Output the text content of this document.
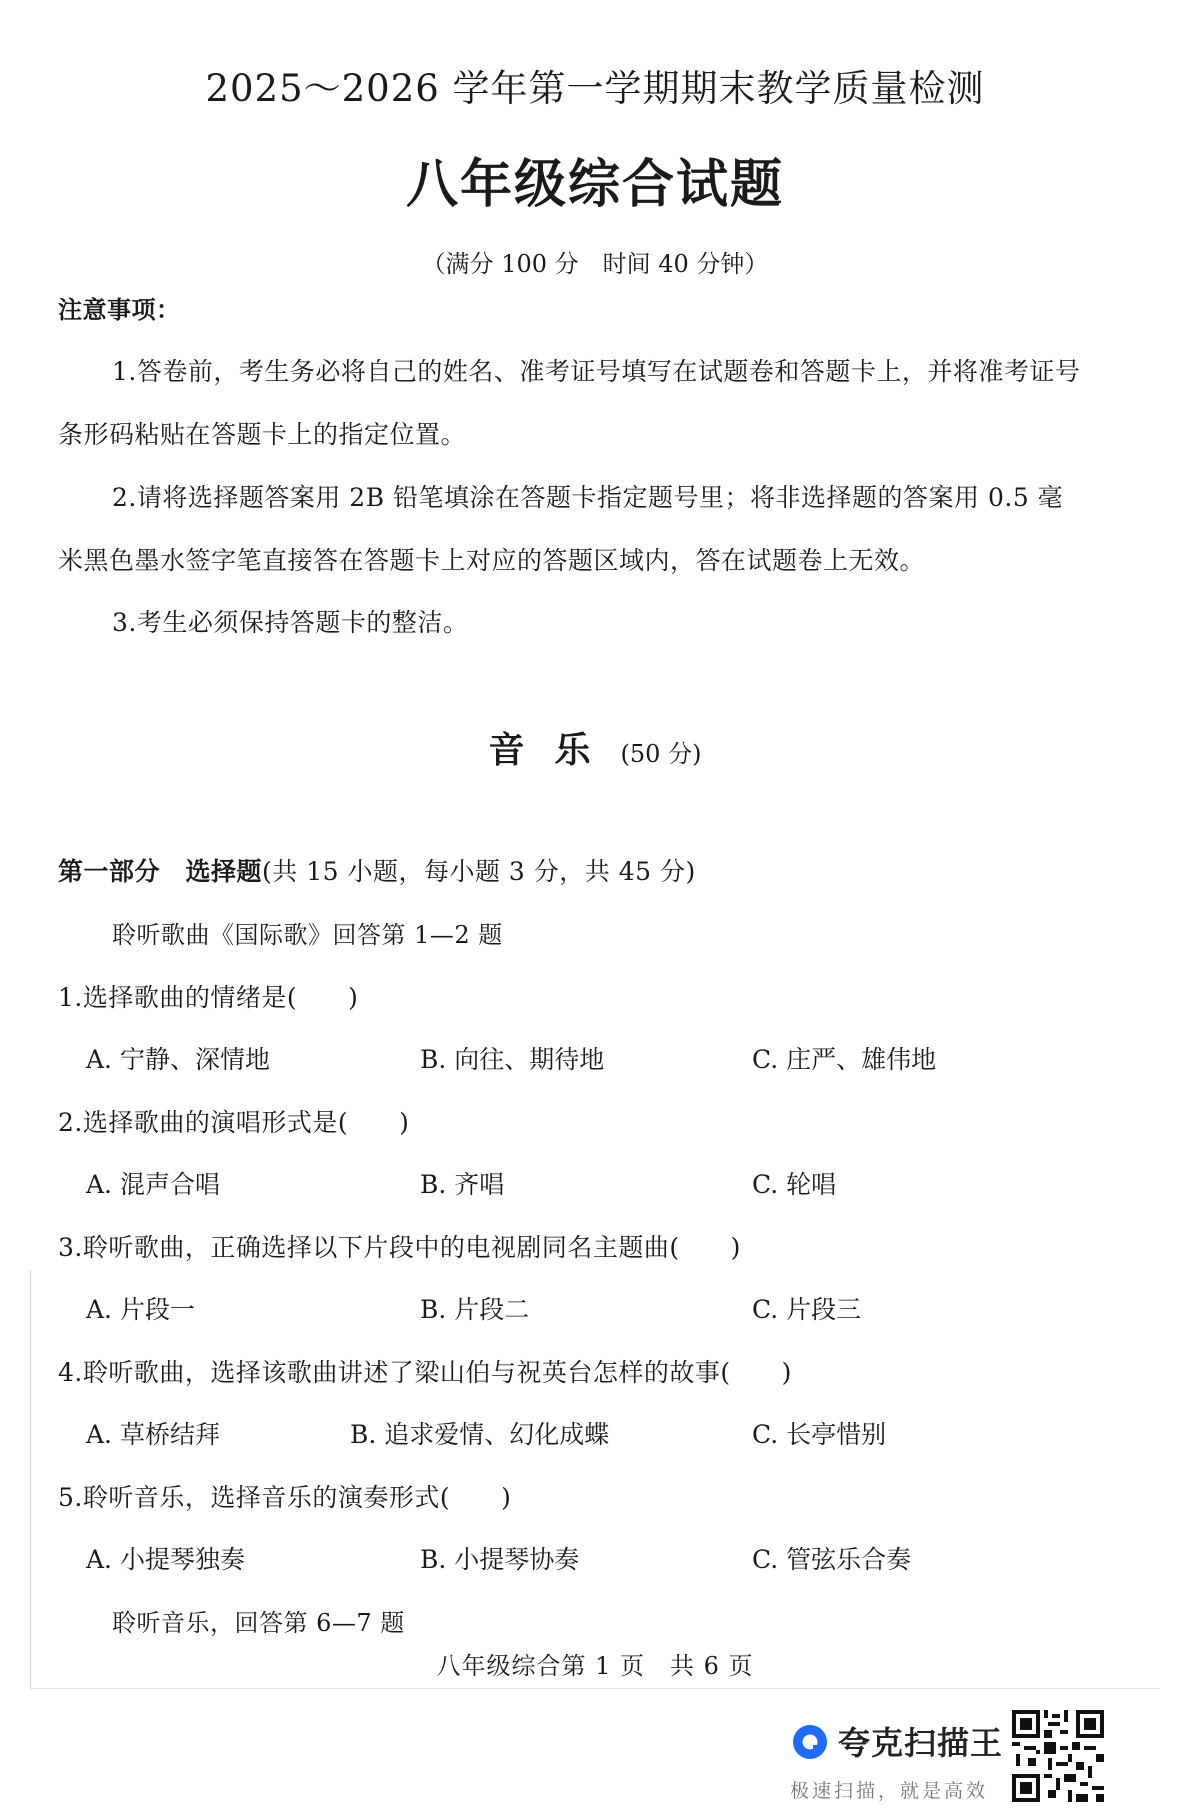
2025～2026 学年第一学期期末教学质量检测
八年级综合试题
（满分 100 分　时间 40 分钟）
注意事项：
1.答卷前，考生务必将自己的姓名、准考证号填写在试题卷和答题卡上，并将准考证号
条形码粘贴在答题卡上的指定位置。
2.请将选择题答案用 2B 铅笔填涂在答题卡指定题号里；将非选择题的答案用 0.5 毫
米黑色墨水签字笔直接答在答题卡上对应的答题区域内，答在试题卷上无效。
3.考生必须保持答题卡的整洁。
音乐(50 分)
第一部分　选择题(共 15 小题，每小题 3 分，共 45 分)
聆听歌曲《国际歌》回答第 1—2 题
1.选择歌曲的情绪是(　　)
A. 宁静、深情地	B. 向往、期待地	C. 庄严、雄伟地
2.选择歌曲的演唱形式是(　　)
A. 混声合唱	B. 齐唱	C. 轮唱
3.聆听歌曲，正确选择以下片段中的电视剧同名主题曲(　　)
A. 片段一	B. 片段二	C. 片段三
4.聆听歌曲，选择该歌曲讲述了梁山伯与祝英台怎样的故事(　　)
A. 草桥结拜	B. 追求爱情、幻化成蝶	C. 长亭惜别
5.聆听音乐，选择音乐的演奏形式(　　)
A. 小提琴独奏	B. 小提琴协奏	C. 管弦乐合奏
聆听音乐，回答第 6—7 题
八年级综合第 1 页　共 6 页
夸克扫描王
极速扫描，就是高效
